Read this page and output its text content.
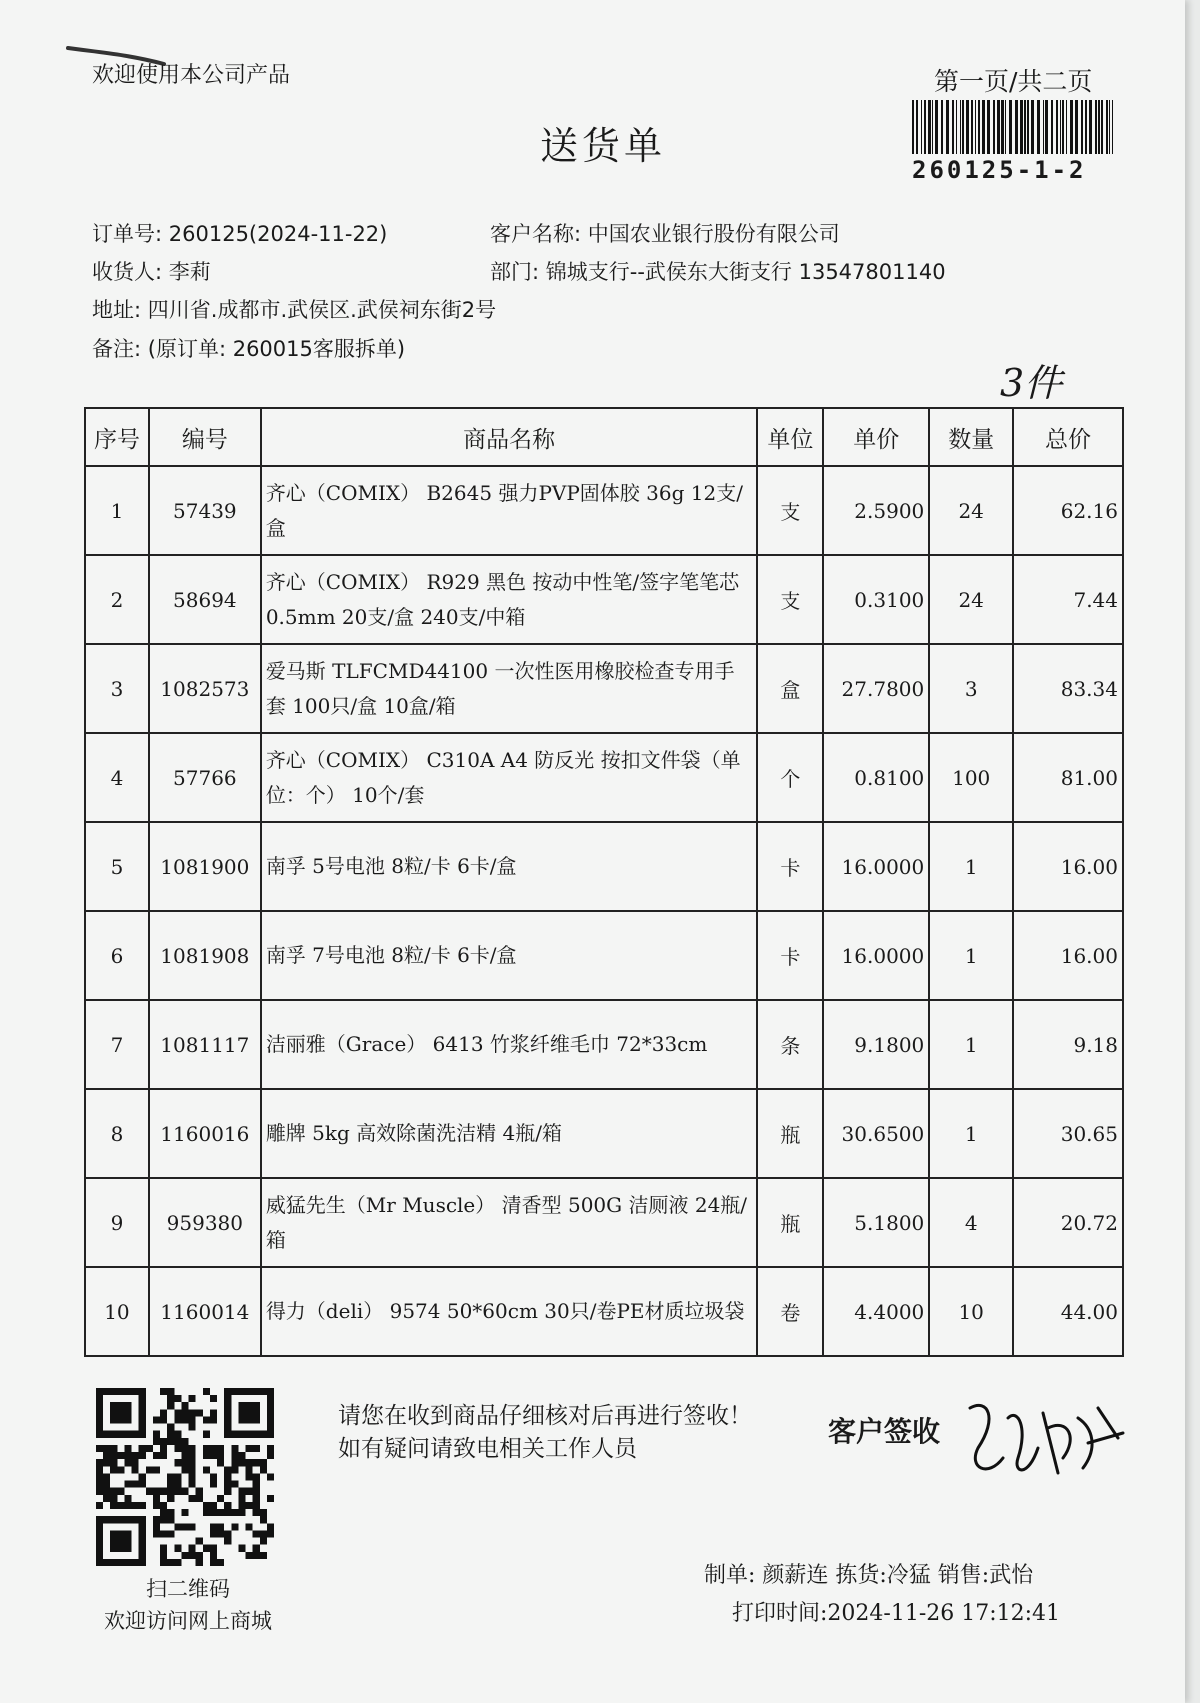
欢迎使用本公司产品	第一页/共二页
260125-1-2
送货单
订单号: 260125(2024-11-22)	客户名称: 中国农业银行股份有限公司
收货人: 李莉	部门: 锦城支行--武侯东大街支行 13547801140
地址: 四川省.成都市.武侯区.武侯祠东街2号
备注: (原订单: 260015客服拆单)
3件
序号	编号	商品名称	单位	单价	数量	总价
1	57439	齐心（COMIX） B2645 强力PVP固体胶 36g 12支/盒	支	2.5900	24	62.16
2	58694	齐心（COMIX） R929 黑色 按动中性笔/签字笔笔芯0.5mm 20支/盒 240支/中箱	支	0.3100	24	7.44
3	1082573	爱马斯 TLFCMD44100 一次性医用橡胶检查专用手套 100只/盒 10盒/箱	盒	27.7800	3	83.34
4	57766	齐心（COMIX） C310A A4 防反光 按扣文件袋（单位：个） 10个/套	个	0.8100	100	81.00
5	1081900	南孚 5号电池 8粒/卡 6卡/盒	卡	16.0000	1	16.00
6	1081908	南孚 7号电池 8粒/卡 6卡/盒	卡	16.0000	1	16.00
7	1081117	洁丽雅（Grace） 6413 竹浆纤维毛巾 72*33cm	条	9.1800	1	9.18
8	1160016	雕牌 5kg 高效除菌洗洁精 4瓶/箱	瓶	30.6500	1	30.65
9	959380	威猛先生（Mr Muscle） 清香型 500G 洁厕液 24瓶/箱	瓶	5.1800	4	20.72
10	1160014	得力（deli） 9574 50*60cm 30只/卷PE材质垃圾袋	卷	4.4000	10	44.00
扫二维码
欢迎访问网上商城
请您在收到商品仔细核对后再进行签收！如有疑问请致电相关工作人员
客户签收
制单: 颜薪连 拣货:冷猛 销售:武怡
打印时间:2024-11-26 17:12:41
